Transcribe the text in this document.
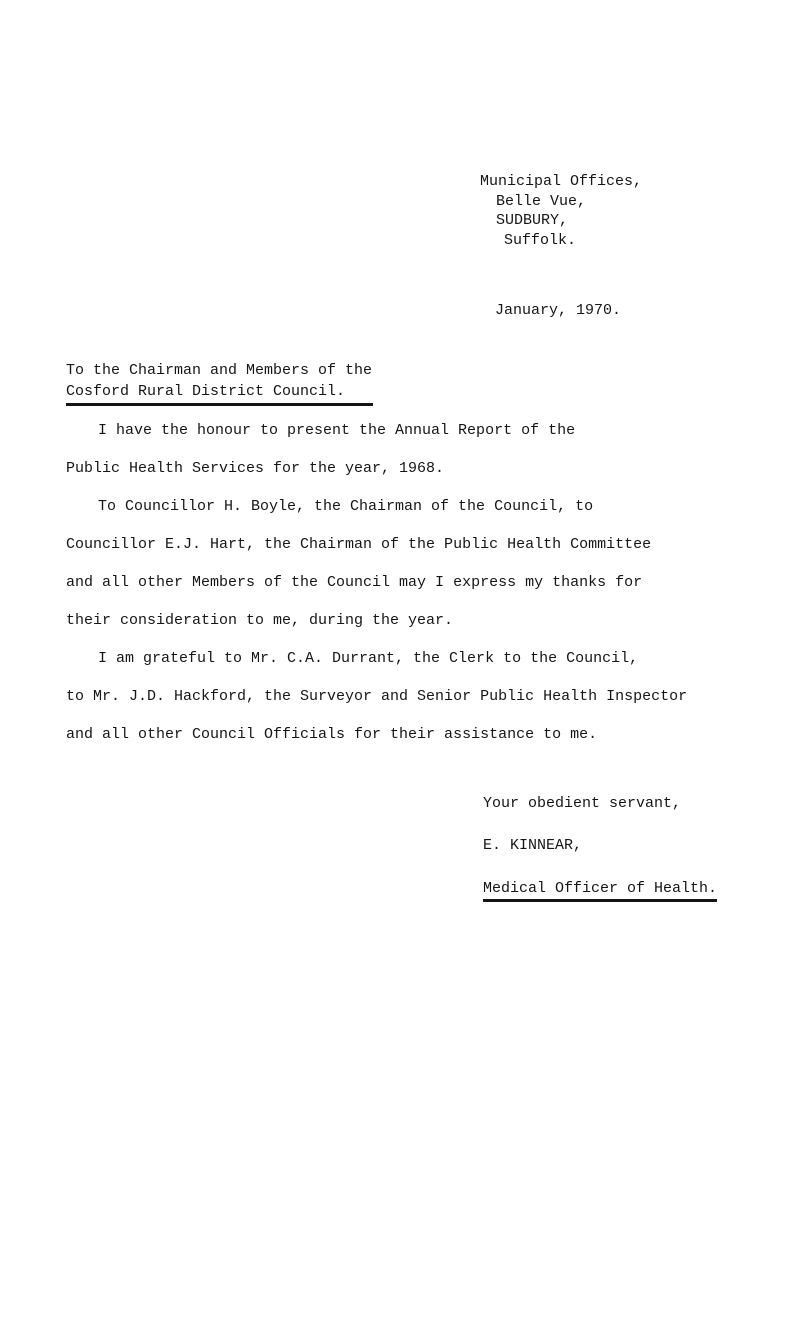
Municipal Offices,
Belle Vue,
SUDBURY,
Suffolk.
January, 1970.
To the Chairman and Members of the
Cosford Rural District Council.
I have the honour to present the Annual Report of the
Public Health Services for the year, 1968.
To Councillor H. Boyle, the Chairman of the Council, to
Councillor E.J. Hart, the Chairman of the Public Health Committee
and all other Members of the Council may I express my thanks for
their consideration to me, during the year.
I am grateful to Mr. C.A. Durrant, the Clerk to the Council,
to Mr. J.D. Hackford, the Surveyor and Senior Public Health Inspector
and all other Council Officials for their assistance to me.
Your obedient servant,
E. KINNEAR,
Medical Officer of Health.
